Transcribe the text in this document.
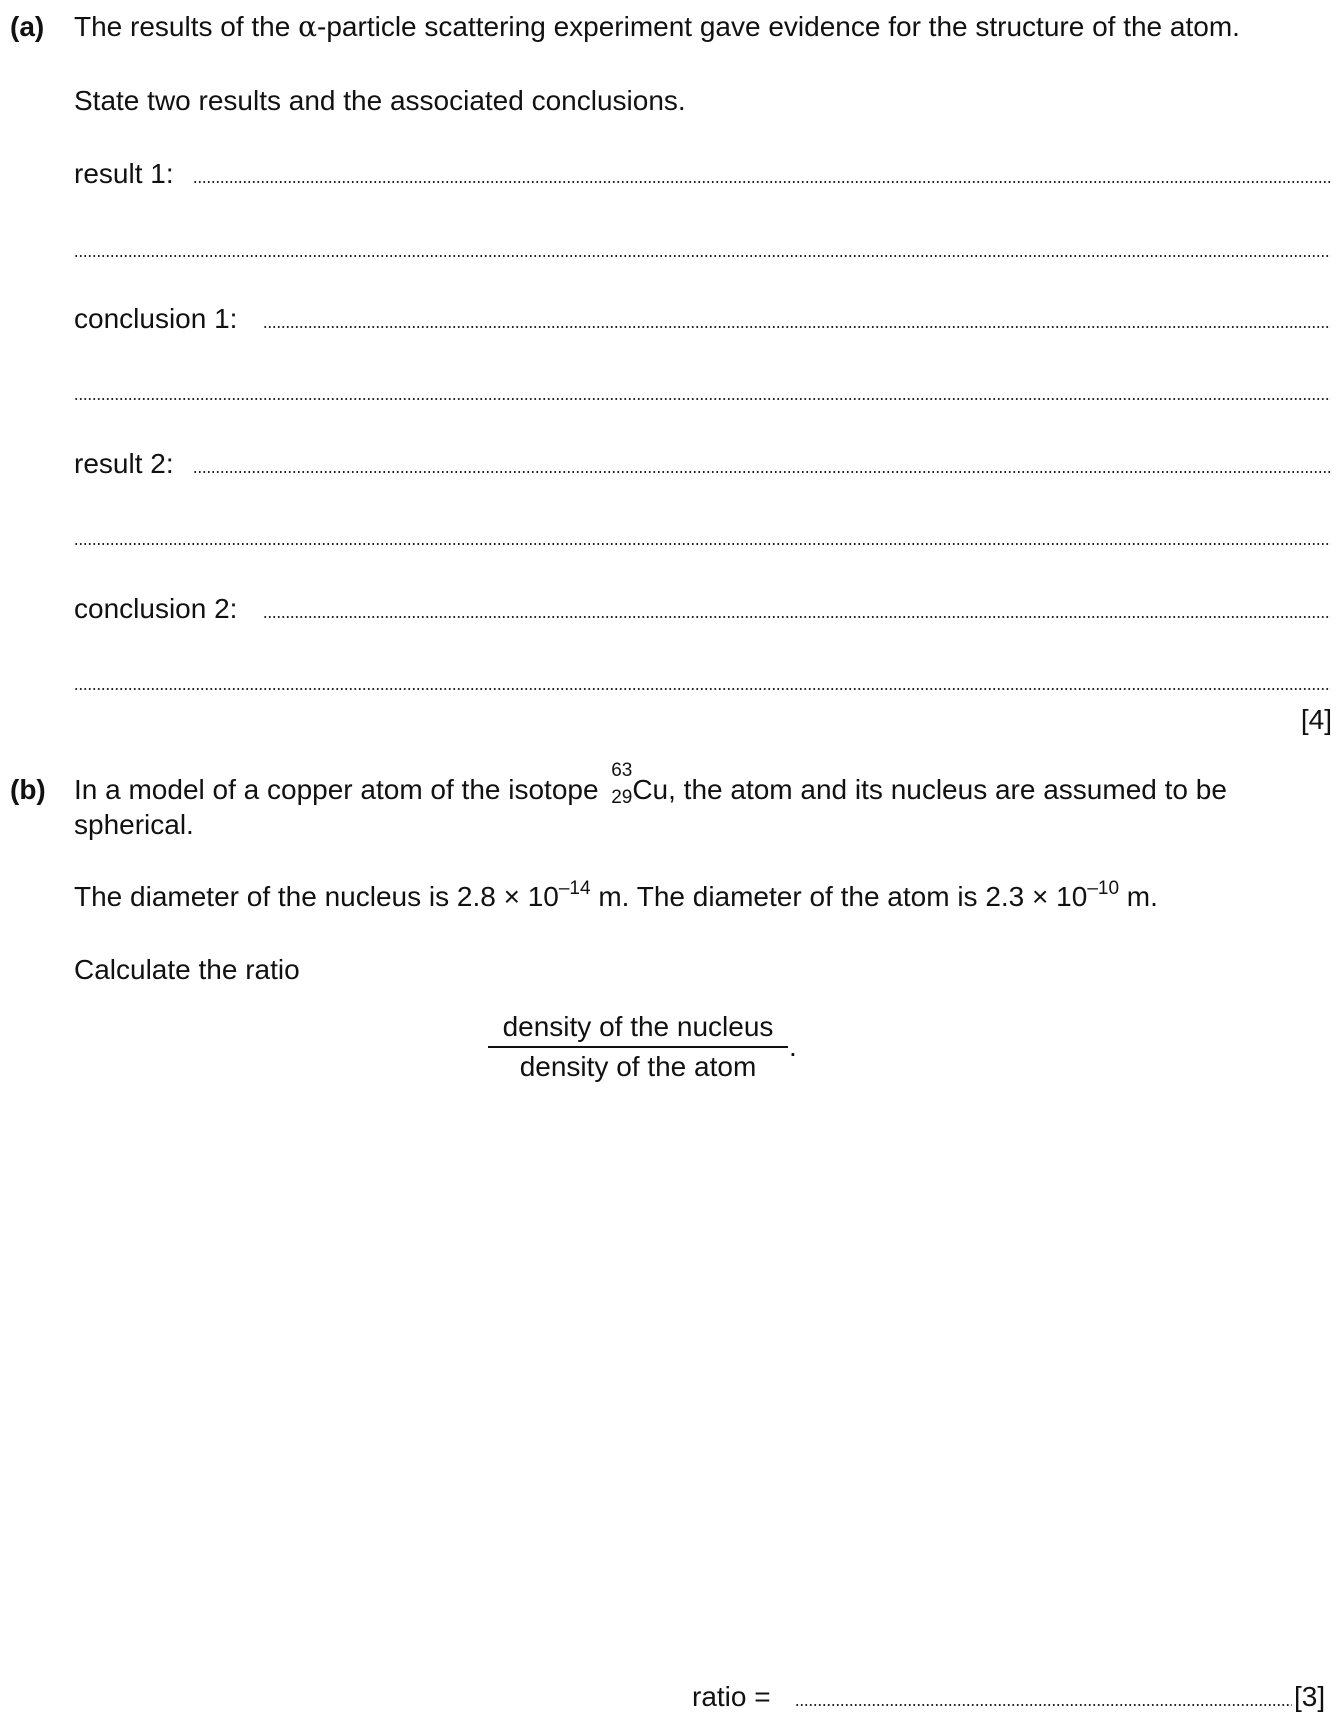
(a) The results of the α-particle scattering experiment gave evidence for the structure of the atom.
State two results and the associated conclusions.
result 1:
conclusion 1:
result 2:
conclusion 2:
[4]
(b) In a model of a copper atom of the isotope
63
29 Cu, the atom and its nucleus are assumed to be
spherical.
The diameter of the nucleus is $2.8 \times 10^{-14}$ m. The diameter of the atom is $2.3 \times 10^{-10}$ m.
Calculate the ratio
density of the nucleus
density of the atom
.
ratio =	[3]
